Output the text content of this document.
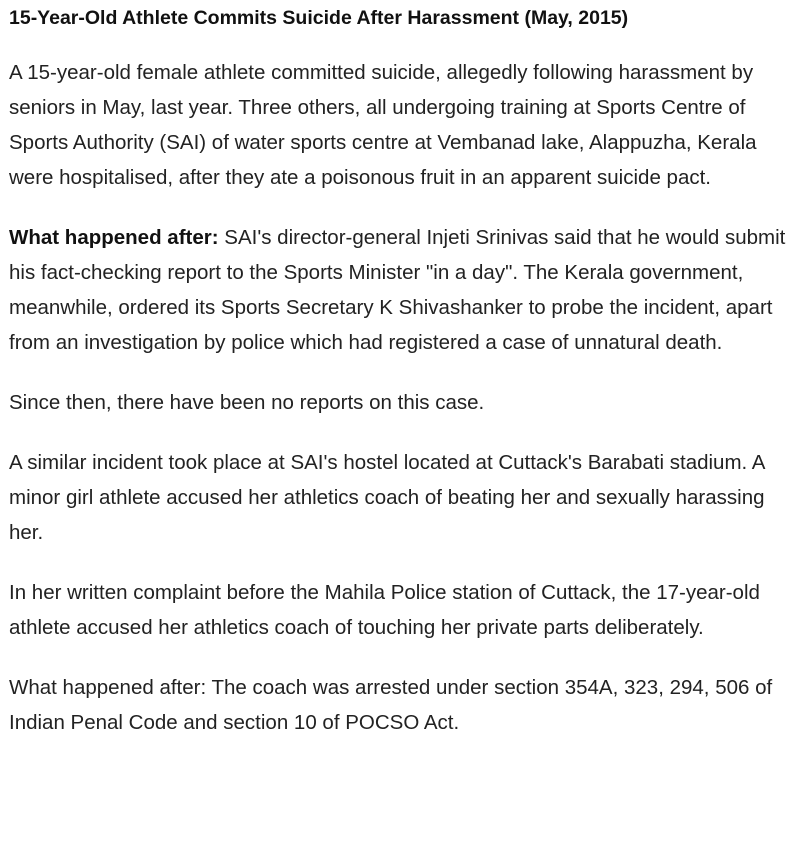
15-Year-Old Athlete Commits Suicide After Harassment (May, 2015)

A 15-year-old female athlete committed suicide, allegedly following harassment by seniors in May, last year. Three others, all undergoing training at Sports Centre of Sports Authority (SAI) of water sports centre at Vembanad lake, Alappuzha, Kerala were hospitalised, after they ate a poisonous fruit in an apparent suicide pact.

What happened after: SAI's director-general Injeti Srinivas said that he would submit his fact-checking report to the Sports Minister "in a day". The Kerala government, meanwhile, ordered its Sports Secretary K Shivashanker to probe the incident, apart from an investigation by police which had registered a case of unnatural death.

Since then, there have been no reports on this case.

A similar incident took place at SAI's hostel located at Cuttack's Barabati stadium. A minor girl athlete accused her athletics coach of beating her and sexually harassing her.

In her written complaint before the Mahila Police station of Cuttack, the 17-year-old athlete accused her athletics coach of touching her private parts deliberately.

What happened after: The coach was arrested under section 354A, 323, 294, 506 of Indian Penal Code and section 10 of POCSO Act.
